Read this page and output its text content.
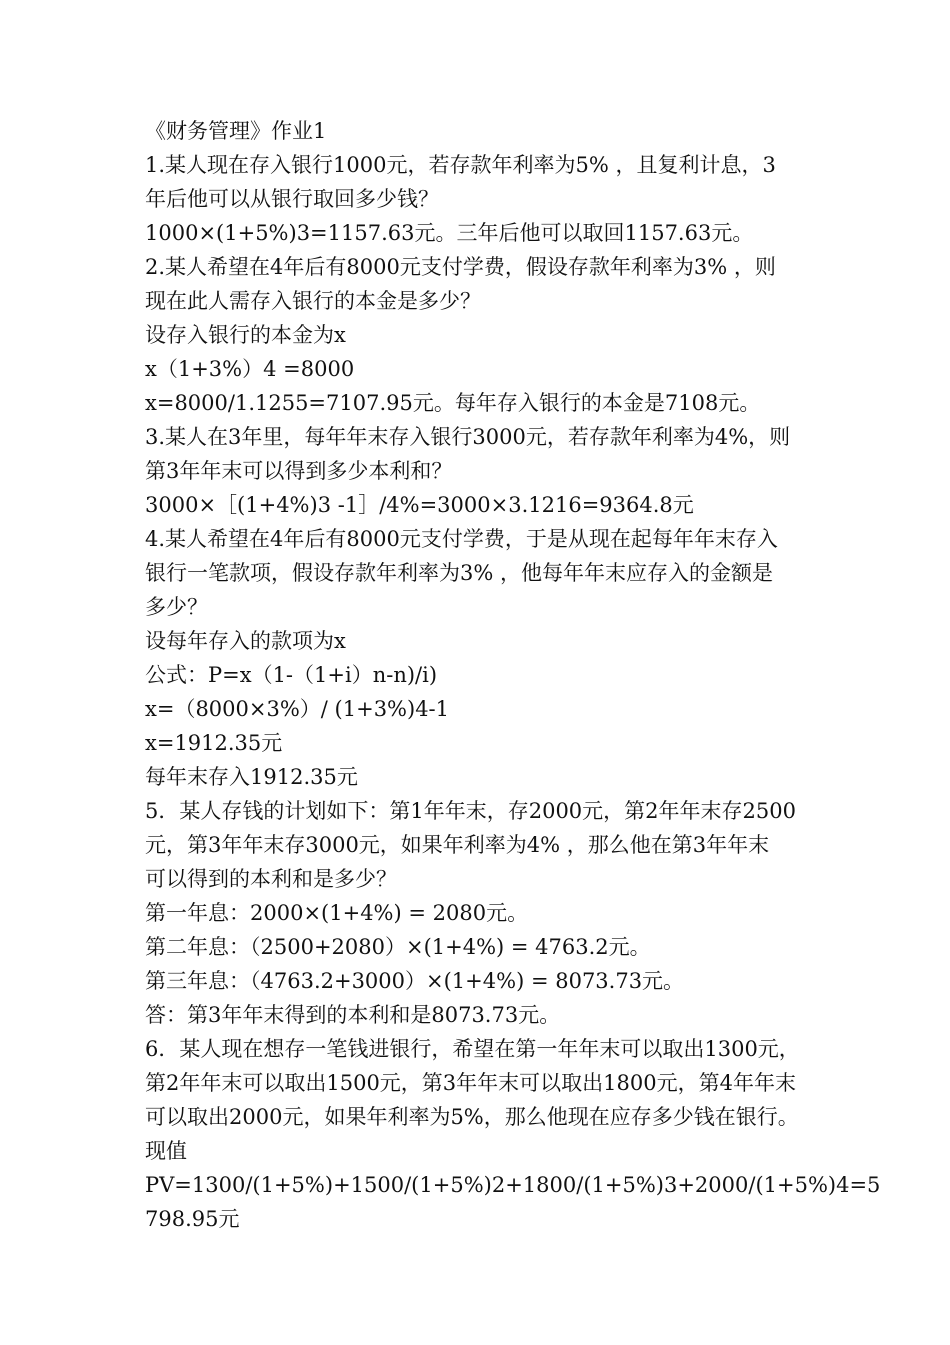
《财务管理》作业1
1.某人现在存入银行1000元，若存款年利率为5% ，且复利计息，3
年后他可以从银行取回多少钱？
1000×(1+5%)3=1157.63元。三年后他可以取回1157.63元。
2.某人希望在4年后有8000元支付学费，假设存款年利率为3% ，则
现在此人需存入银行的本金是多少？
设存入银行的本金为x
x（1+3%）4 =8000
x=8000/1.1255=7107.95元。每年存入银行的本金是7108元。
3.某人在3年里，每年年末存入银行3000元，若存款年利率为4%，则
第3年年末可以得到多少本利和？
3000×［(1+4%)3 -1］/4%=3000×3.1216=9364.8元
4.某人希望在4年后有8000元支付学费，于是从现在起每年年末存入
银行一笔款项，假设存款年利率为3% ，他每年年末应存入的金额是
多少？
设每年存入的款项为x
公式：P=x（1-（1+i）n-n)/i)
x=（8000×3%）/ (1+3%)4-1
x=1912.35元
每年末存入1912.35元
5．某人存钱的计划如下：第1年年末，存2000元，第2年年末存2500
元，第3年年末存3000元，如果年利率为4% ，那么他在第3年年末
可以得到的本利和是多少？
第一年息：2000×(1+4%) = 2080元。
第二年息：（2500+2080）×(1+4%) = 4763.2元。
第三年息：（4763.2+3000）×(1+4%) = 8073.73元。
答：第3年年末得到的本利和是8073.73元。
6．某人现在想存一笔钱进银行，希望在第一年年末可以取出1300元，
第2年年末可以取出1500元，第3年年末可以取出1800元，第4年年末
可以取出2000元，如果年利率为5%，那么他现在应存多少钱在银行。
现值
PV=1300/(1+5%)+1500/(1+5%)2+1800/(1+5%)3+2000/(1+5%)4=5
798.95元
